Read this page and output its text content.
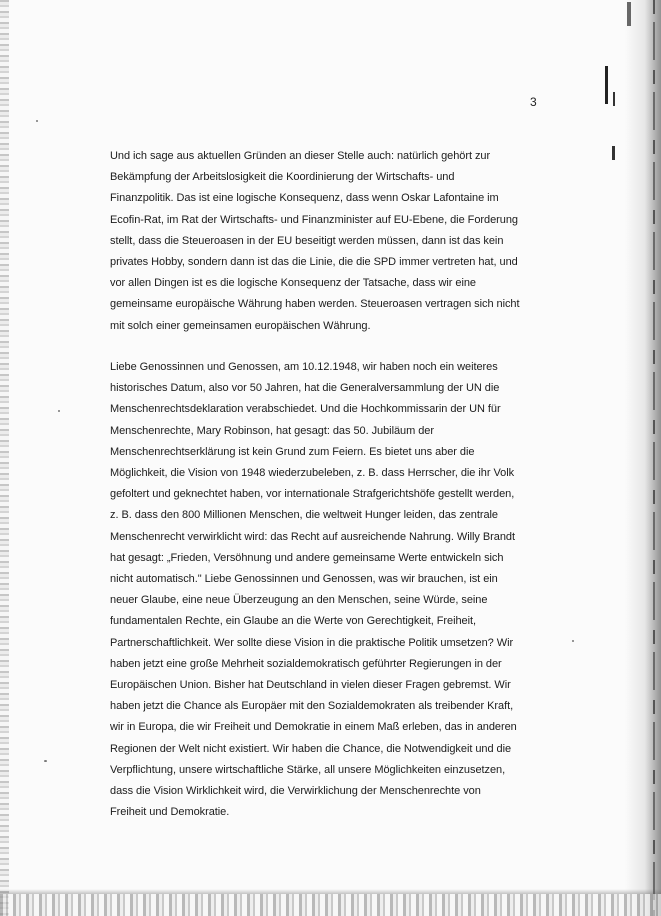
3
Und ich sage aus aktuellen Gründen an dieser Stelle auch: natürlich gehört zur
Bekämpfung der Arbeitslosigkeit die Koordinierung der Wirtschafts- und
Finanzpolitik. Das ist eine logische Konsequenz, dass wenn Oskar Lafontaine im
Ecofin-Rat, im Rat der Wirtschafts- und Finanzminister auf EU-Ebene, die Forderung
stellt, dass die Steueroasen in der EU beseitigt werden müssen, dann ist das kein
privates Hobby, sondern dann ist das die Linie, die die SPD immer vertreten hat, und
vor allen Dingen ist es die logische Konsequenz der Tatsache, dass wir eine
gemeinsame europäische Währung haben werden. Steueroasen vertragen sich nicht
mit solch einer gemeinsamen europäischen Währung.
Liebe Genossinnen und Genossen, am 10.12.1948, wir haben noch ein weiteres
historisches Datum, also vor 50 Jahren, hat die Generalversammlung der UN die
Menschenrechtsdeklaration verabschiedet. Und die Hochkommissarin der UN für
Menschenrechte, Mary Robinson, hat gesagt: das 50. Jubiläum der
Menschenrechtserklärung ist kein Grund zum Feiern. Es bietet uns aber die
Möglichkeit, die Vision von 1948 wiederzubeleben, z. B. dass Herrscher, die ihr Volk
gefoltert und geknechtet haben, vor internationale Strafgerichtshöfe gestellt werden,
z. B. dass den 800 Millionen Menschen, die weltweit Hunger leiden, das zentrale
Menschenrecht verwirklicht wird: das Recht auf ausreichende Nahrung. Willy Brandt
hat gesagt: „Frieden, Versöhnung und andere gemeinsame Werte entwickeln sich
nicht automatisch." Liebe Genossinnen und Genossen, was wir brauchen, ist ein
neuer Glaube, eine neue Überzeugung an den Menschen, seine Würde, seine
fundamentalen Rechte, ein Glaube an die Werte von Gerechtigkeit, Freiheit,
Partnerschaftlichkeit. Wer sollte diese Vision in die praktische Politik umsetzen? Wir
haben jetzt eine große Mehrheit sozialdemokratisch geführter Regierungen in der
Europäischen Union. Bisher hat Deutschland in vielen dieser Fragen gebremst. Wir
haben jetzt die Chance als Europäer mit den Sozialdemokraten als treibender Kraft,
wir in Europa, die wir Freiheit und Demokratie in einem Maß erleben, das in anderen
Regionen der Welt nicht existiert. Wir haben die Chance, die Notwendigkeit und die
Verpflichtung, unsere wirtschaftliche Stärke, all unsere Möglichkeiten einzusetzen,
dass die Vision Wirklichkeit wird, die Verwirklichung der Menschenrechte von
Freiheit und Demokratie.
